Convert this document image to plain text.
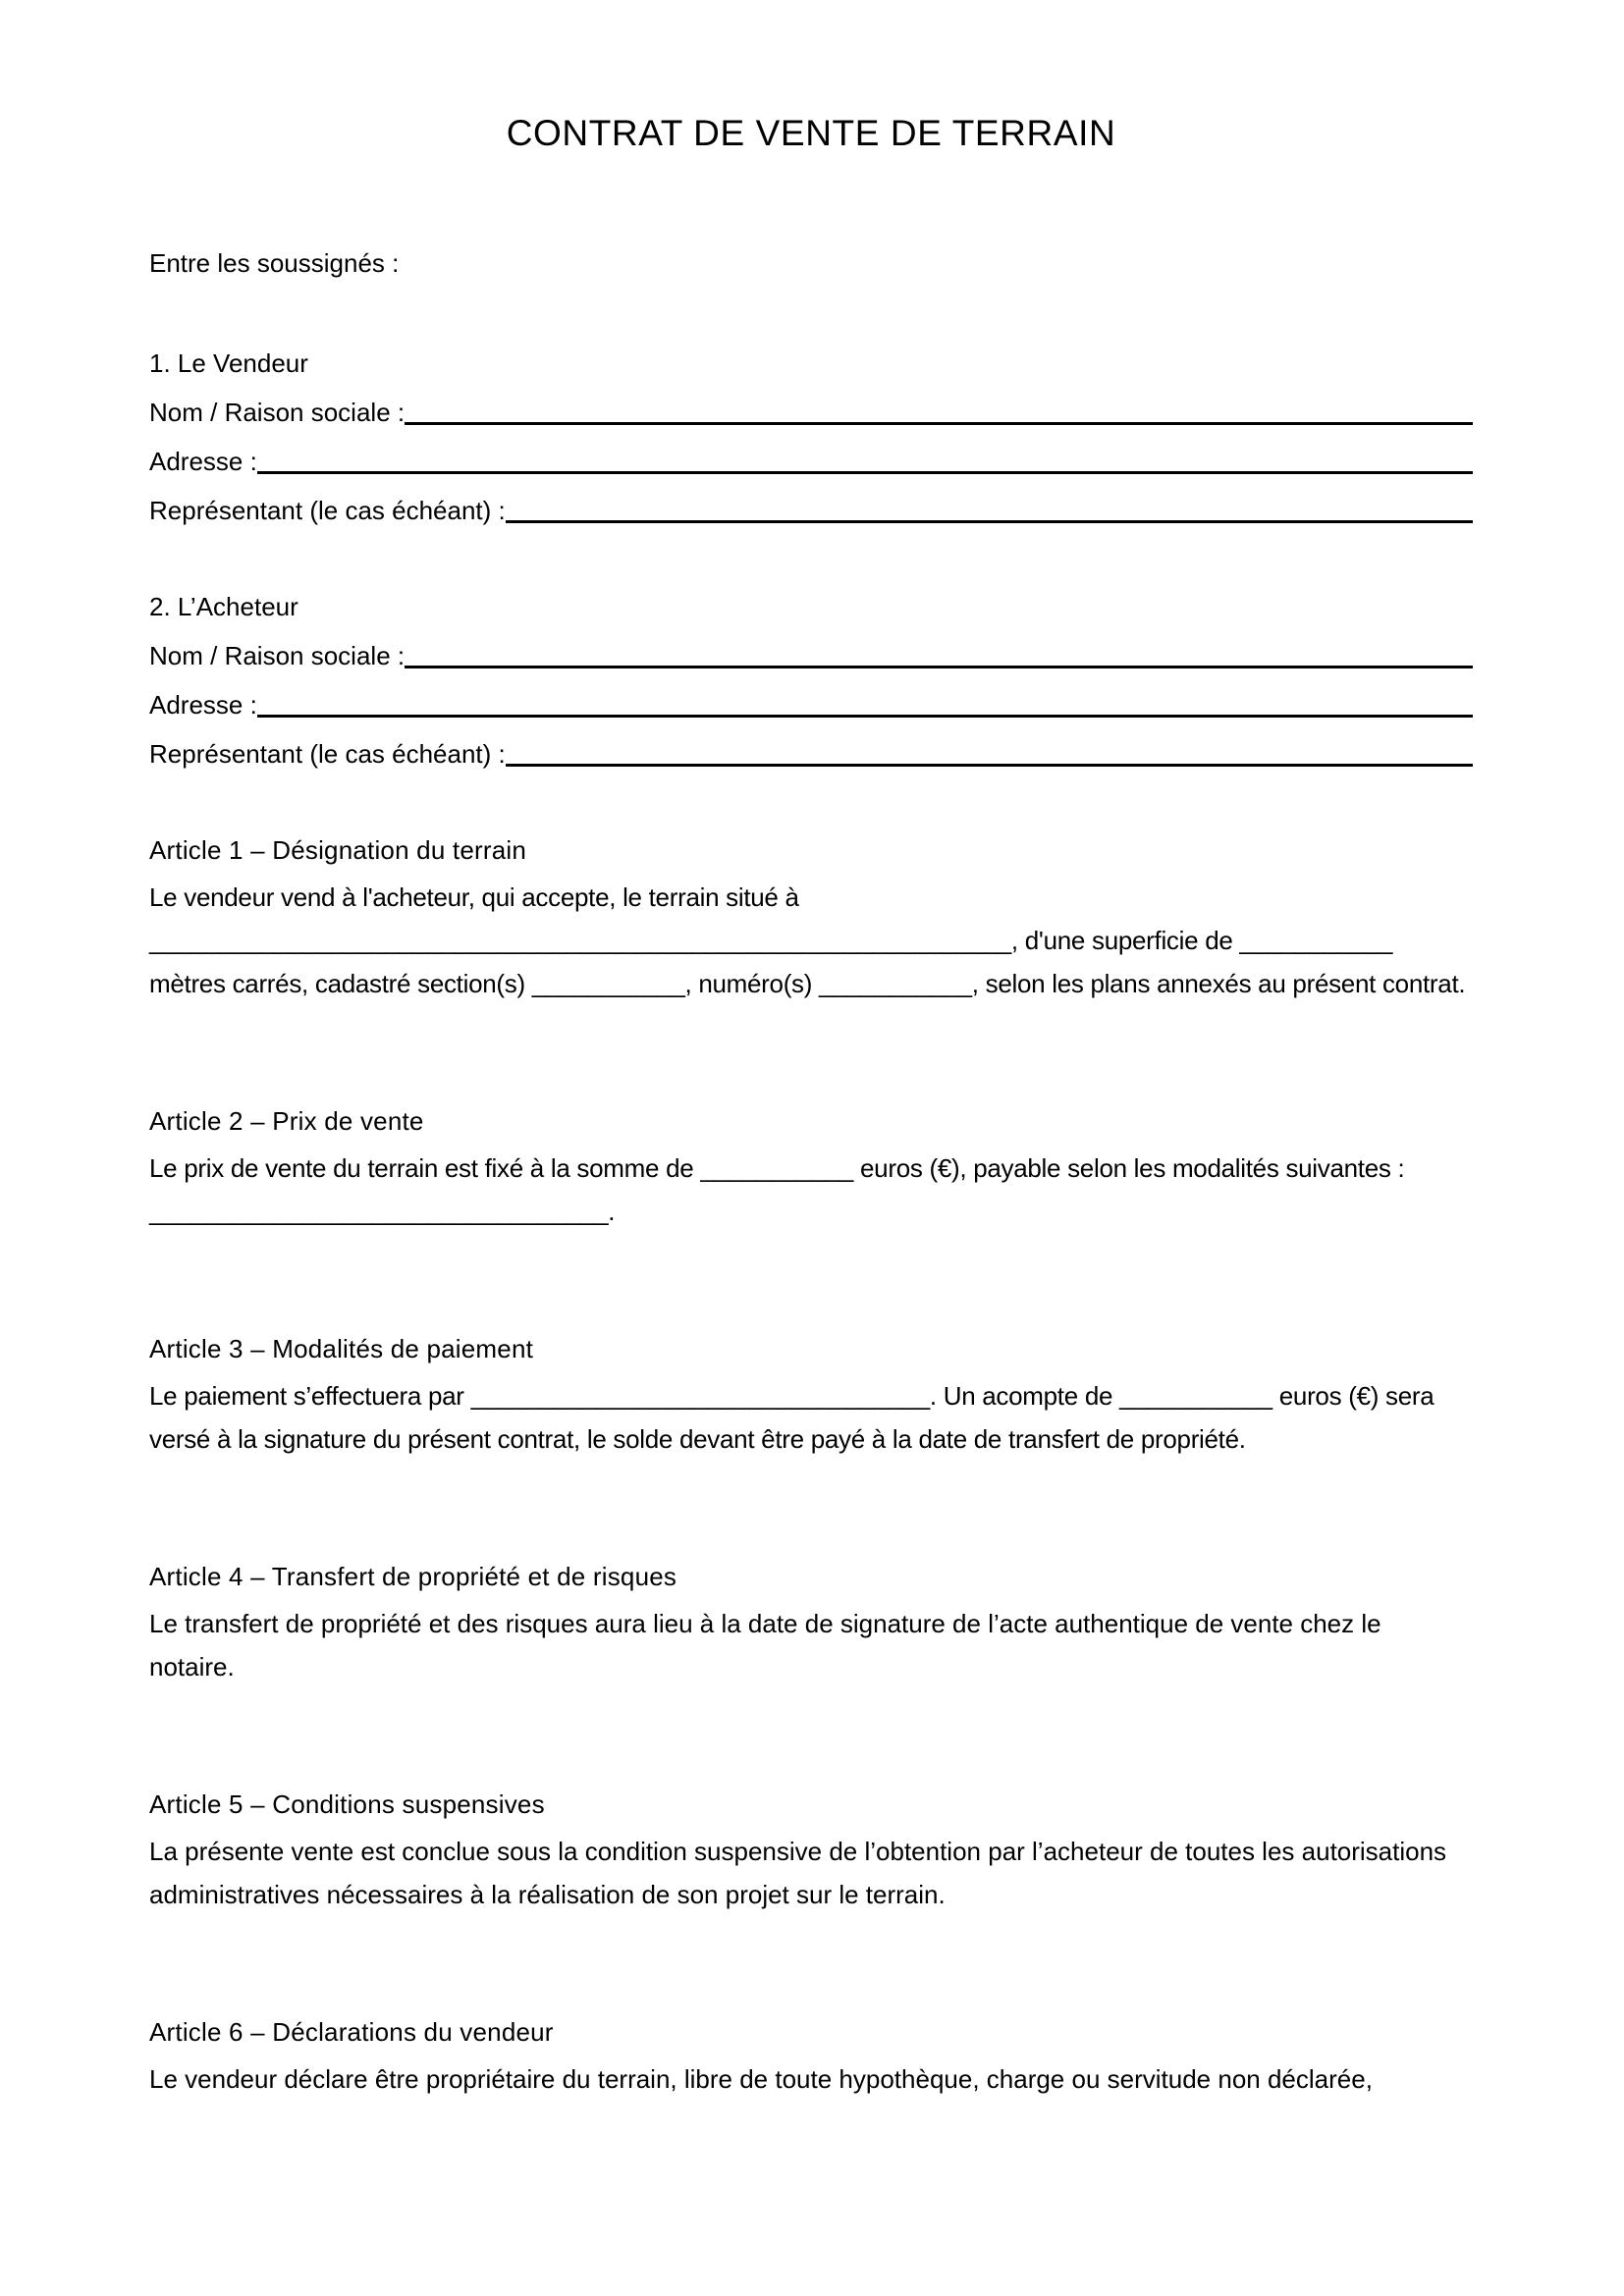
CONTRAT DE VENTE DE TERRAIN

Entre les soussignés :

1. Le Vendeur

Nom / Raison sociale :
Adresse :
Représentant (le cas échéant) :

2. L’Acheteur

Nom / Raison sociale :
Adresse :
Représentant (le cas échéant) :

Article 1 – Désignation du terrain

Le vendeur vend à l'acheteur, qui accepte, le terrain situé à ______________________________________________________________, d'une superficie de ___________ mètres carrés, cadastré section(s) ___________, numéro(s) ___________, selon les plans annexés au présent contrat.

Article 2 – Prix de vente

Le prix de vente du terrain est fixé à la somme de ___________ euros (€), payable selon les modalités suivantes : _________________________________.

Article 3 – Modalités de paiement

Le paiement s’effectuera par _________________________________. Un acompte de ___________ euros (€) sera versé à la signature du présent contrat, le solde devant être payé à la date de transfert de propriété.

Article 4 – Transfert de propriété et de risques

Le transfert de propriété et des risques aura lieu à la date de signature de l’acte authentique de vente chez le notaire.

Article 5 – Conditions suspensives

La présente vente est conclue sous la condition suspensive de l’obtention par l’acheteur de toutes les autorisations administratives nécessaires à la réalisation de son projet sur le terrain.

Article 6 – Déclarations du vendeur

Le vendeur déclare être propriétaire du terrain, libre de toute hypothèque, charge ou servitude non déclarée,
